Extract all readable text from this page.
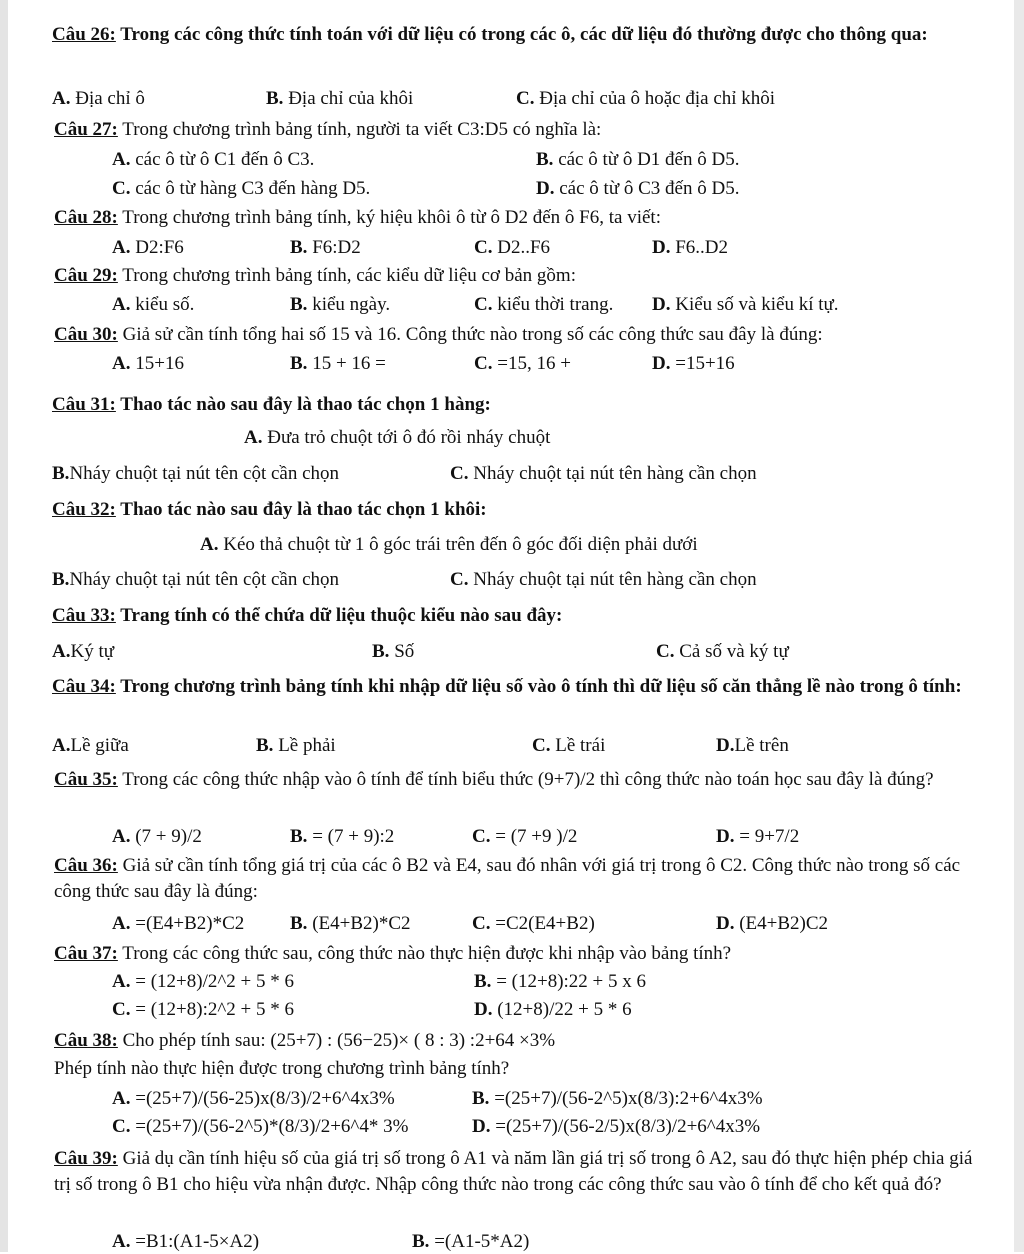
Câu 26: Trong các công thức tính toán với dữ liệu có trong các ô, các dữ liệu đó thường được cho thông qua:
A. Địa chỉ ô	B. Địa chỉ của khôi	C. Địa chỉ của ô hoặc địa chỉ khôi
Câu 27: Trong chương trình bảng tính, người ta viết C3:D5 có nghĩa là:
A. các ô từ ô C1 đến ô C3.	B. các ô từ ô D1 đến ô D5.
C. các ô từ hàng C3 đến hàng D5.	D. các ô từ ô C3 đến ô D5.
Câu 28: Trong chương trình bảng tính, ký hiệu khôi ô từ ô D2 đến ô F6, ta viết:
A. D2:F6	B. F6:D2	C. D2..F6	D. F6..D2
Câu 29: Trong chương trình bảng tính, các kiểu dữ liệu cơ bản gồm:
A. kiểu số.	B. kiểu ngày.	C. kiểu thời trang. D. Kiểu số và kiểu kí tự.
Câu 30: Giả sử cần tính tổng hai số 15 và 16. Công thức nào trong số các công thức sau đây là đúng:
A. 15+16	B. 15 + 16 =	C. =15, 16 +	D. =15+16
Câu 31: Thao tác nào sau đây là thao tác chọn 1 hàng:
A. Đưa trỏ chuột tới ô đó rồi nháy chuột
B.Nháy chuột tại nút tên cột cần chọn	C. Nháy chuột tại nút tên hàng cần chọn
Câu 32: Thao tác nào sau đây là thao tác chọn 1 khôi:
A. Kéo thả chuột từ 1 ô góc trái trên đến ô góc đối diện phải dưới
B.Nháy chuột tại nút tên cột cần chọn	C. Nháy chuột tại nút tên hàng cần chọn
Câu 33: Trang tính có thể chứa dữ liệu thuộc kiểu nào sau đây:
A.Ký tự	B. Số	C. Cả số và ký tự
Câu 34: Trong chương trình bảng tính khi nhập dữ liệu số vào ô tính thì dữ liệu số căn thẳng lề nào trong ô tính:
A.Lề giữa	B. Lề phải	C. Lề trái	D.Lề trên
Câu 35: Trong các công thức nhập vào ô tính để tính biểu thức (9+7)/2 thì công thức nào toán học sau đây là đúng?
A. (7 + 9)/2	B. = (7 + 9):2	C. = (7 +9 )/2	D. = 9+7/2
Câu 36: Giả sử cần tính tổng giá trị của các ô B2 và E4, sau đó nhân với giá trị trong ô C2. Công thức nào trong số các công thức sau đây là đúng:
A. =(E4+B2)*C2 B. (E4+B2)*C2	C. =C2(E4+B2)	D. (E4+B2)C2
Câu 37: Trong các công thức sau, công thức nào thực hiện được khi nhập vào bảng tính?
A. = (12+8)/2^2 + 5 * 6	B. = (12+8):22 + 5 x 6
C. = (12+8):2^2 + 5 * 6	D. (12+8)/22 + 5 * 6
Câu 38: Cho phép tính sau: (25+7) : (56−25)× ( 8 : 3) :2+64 ×3%
Phép tính nào thực hiện được trong chương trình bảng tính?
A. =(25+7)/(56-25)x(8/3)/2+6^4x3%	B. =(25+7)/(56-2^5)x(8/3):2+6^4x3%
C. =(25+7)/(56-2^5)*(8/3)/2+6^4* 3%	D. =(25+7)/(56-2/5)x(8/3)/2+6^4x3%
Câu 39: Giả dụ cần tính hiệu số của giá trị số trong ô A1 và năm lần giá trị số trong ô A2, sau đó thực hiện phép chia giá trị số trong ô B1 cho hiệu vừa nhận được. Nhập công thức nào trong các công thức sau vào ô tính để cho kết quả đó?
A. =B1:(A1-5×A2)	B. =(A1-5*A2)
